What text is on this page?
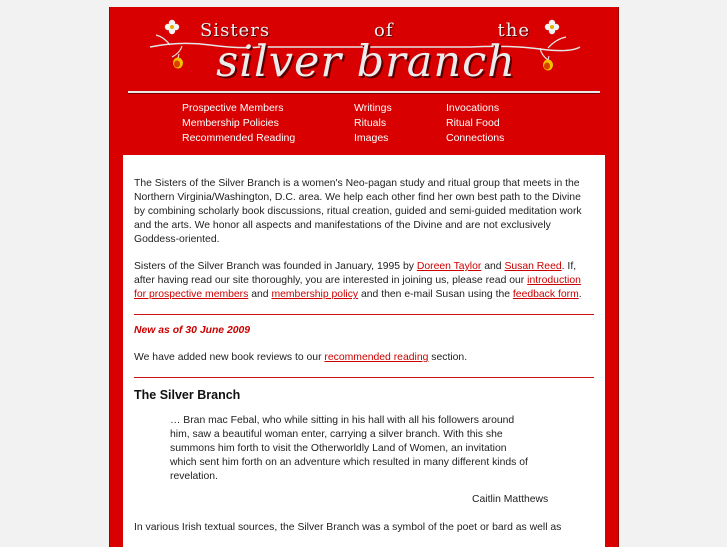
Sisters	of	the
silver branch
Prospective Members
Membership Policies
Recommended Reading
Writings
Rituals
Images
Invocations
Ritual Food
Connections

The Sisters of the Silver Branch is a women's Neo-pagan study and ritual group that meets in the Northern Virginia/Washington, D.C. area. We help each other find her own best path to the Divine by combining scholarly book discussions, ritual creation, guided and semi-guided meditation work and the arts. We honor all aspects and manifestations of the Divine and are not exclusively Goddess-oriented.

Sisters of the Silver Branch was founded in January, 1995 by Doreen Taylor and Susan Reed. If, after having read our site thoroughly, you are interested in joining us, please read our introduction for prospective members and membership policy and then e-mail Susan using the feedback form.

New as of 30 June 2009

We have added new book reviews to our recommended reading section.

The Silver Branch

… Bran mac Febal, who while sitting in his hall with all his followers around him, saw a beautiful woman enter, carrying a silver branch. With this she summons him forth to visit the Otherworldly Land of Women, an invitation which sent him forth on an adventure which resulted in many different kinds of revelation.

Caitlin Matthews

In various Irish textual sources, the Silver Branch was a symbol of the poet or bard as well as
